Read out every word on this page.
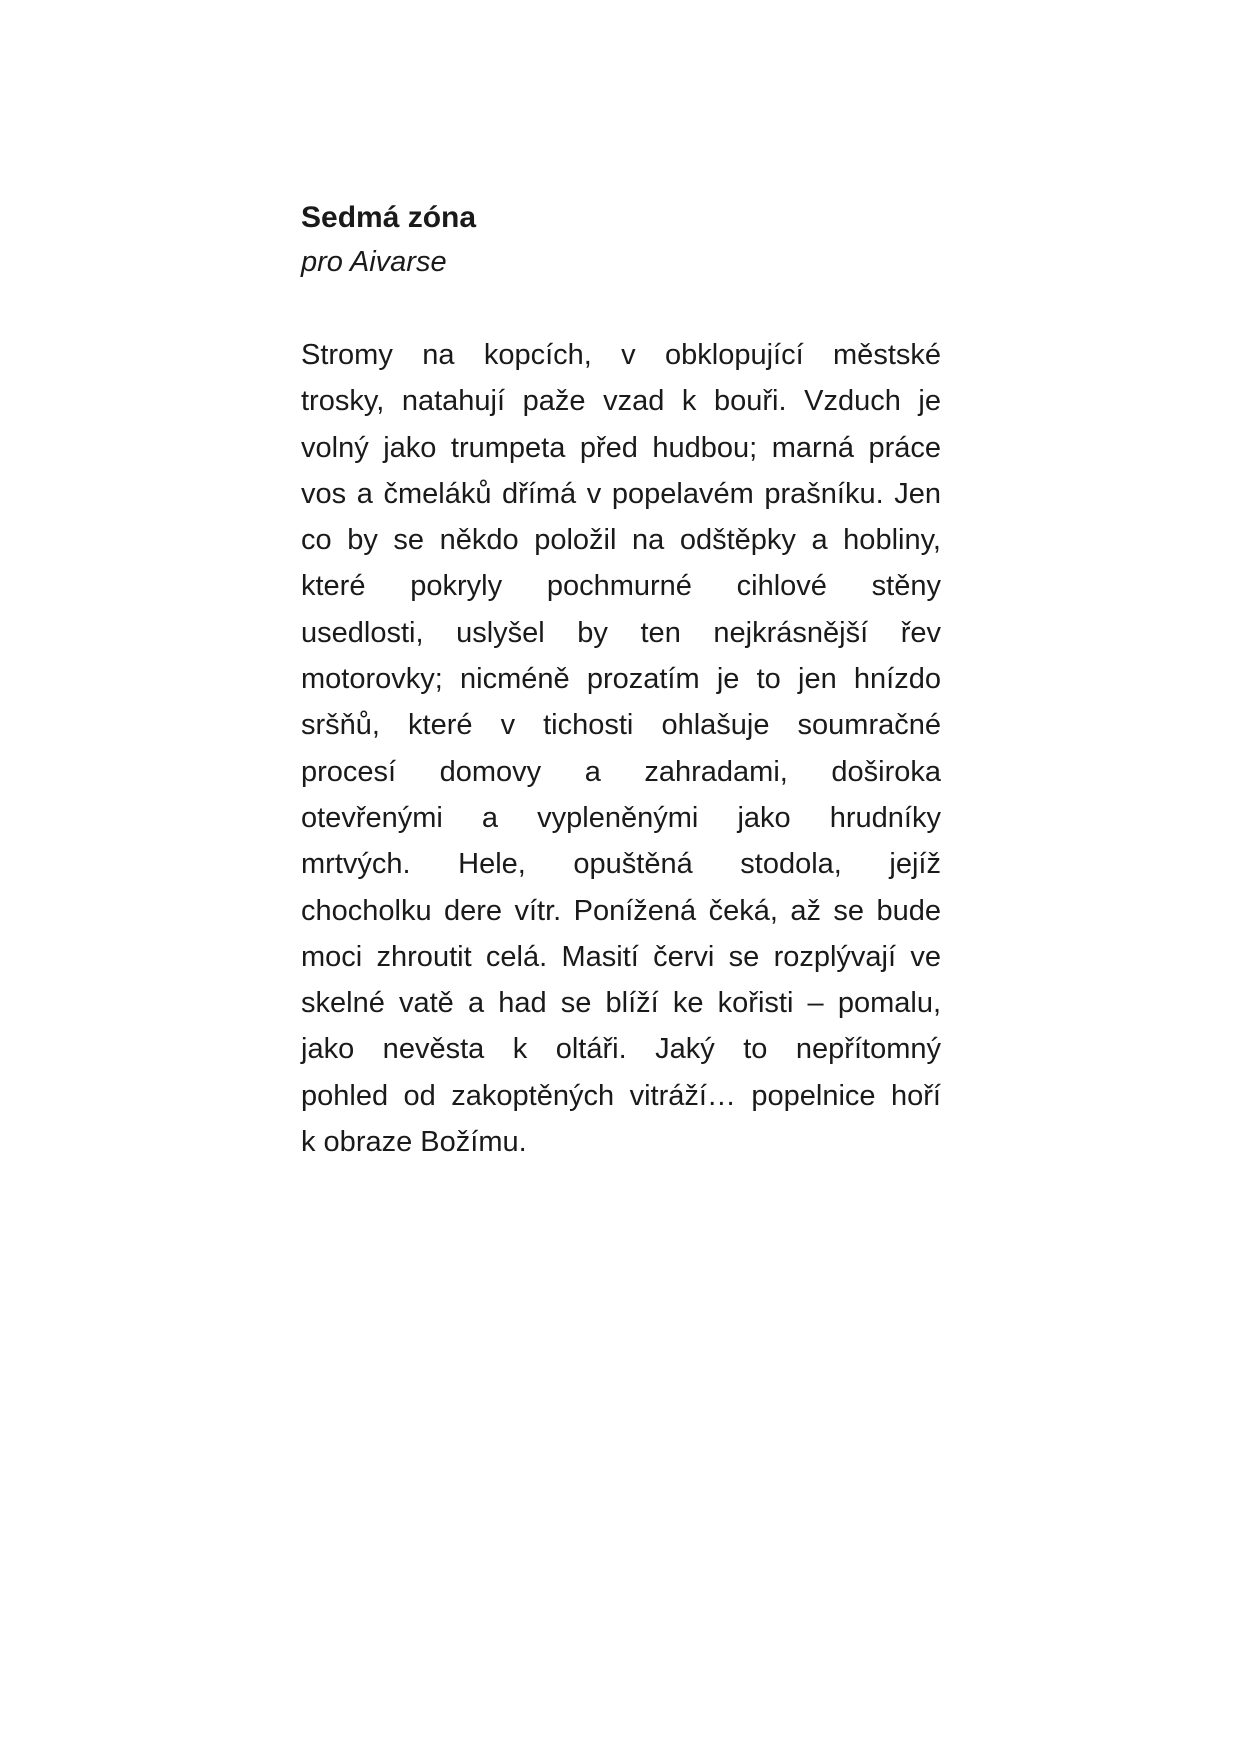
Sedmá zóna

pro Aivarse

Stromy na kopcích, v obklopující městské
trosky, natahují paže vzad k bouři. Vzduch je
volný jako trumpeta před hudbou; marná práce
vos a čmeláků dřímá v popelavém prašníku. Jen
co by se někdo položil na odštěpky a hobliny,
které pokryly pochmurné cihlové stěny
usedlosti, uslyšel by ten nejkrásnější řev
motorovky; nicméně prozatím je to jen hnízdo
sršňů, které v tichosti ohlašuje soumračné
procesí domovy a zahradami, doširoka
otevřenými a vypleněnými jako hrudníky
mrtvých. Hele, opuštěná stodola, jejíž
chocholku dere vítr. Ponížená čeká, až se bude
moci zhroutit celá. Masití červi se rozplývají ve
skelné vatě a had se blíží ke kořisti – pomalu,
jako nevěsta k oltáři. Jaký to nepřítomný
pohled od zakoptěných vitráží… popelnice hoří
k obraze Božímu.
